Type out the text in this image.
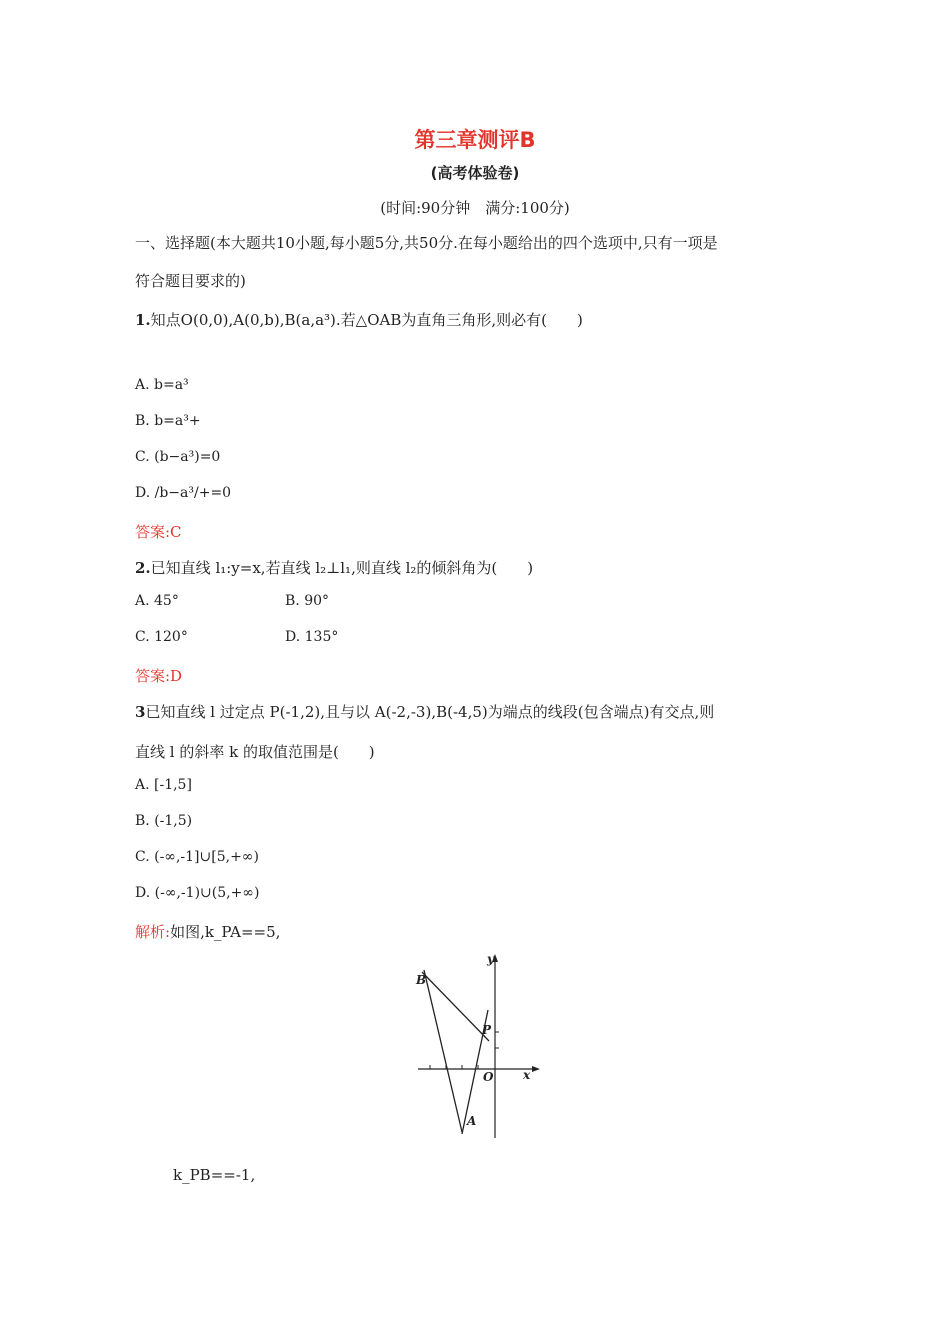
第三章测评B
(高考体验卷)
(时间:90分钟　满分:100分)
一、选择题(本大题共10小题,每小题5分,共50分.在每小题给出的四个选项中,只有一项是
符合题目要求的)
1.知点O(0,0),A(0,b),B(a,a³).若△OAB为直角三角形,则必有(　　)
A. b=a³
B. b=a³+
C. (b−a³)=0
D. /b−a³/+=0
答案:C
2.已知直线 l₁:y=x,若直线 l₂⊥l₁,则直线 l₂的倾斜角为(　　)
A. 45°	B. 90°
C. 120°	D. 135°
答案:D
3已知直线 l 过定点 P(-1,2),且与以 A(-2,-3),B(-4,5)为端点的线段(包含端点)有交点,则
直线 l 的斜率 k 的取值范围是(　　)
A. [-1,5]
B. (-1,5)
C. (-∞,-1]∪[5,+∞)
D. (-∞,-1)∪(5,+∞)
解析:如图,k_PA==5,
y
x
O
B
P
A
k_PB==-1,
